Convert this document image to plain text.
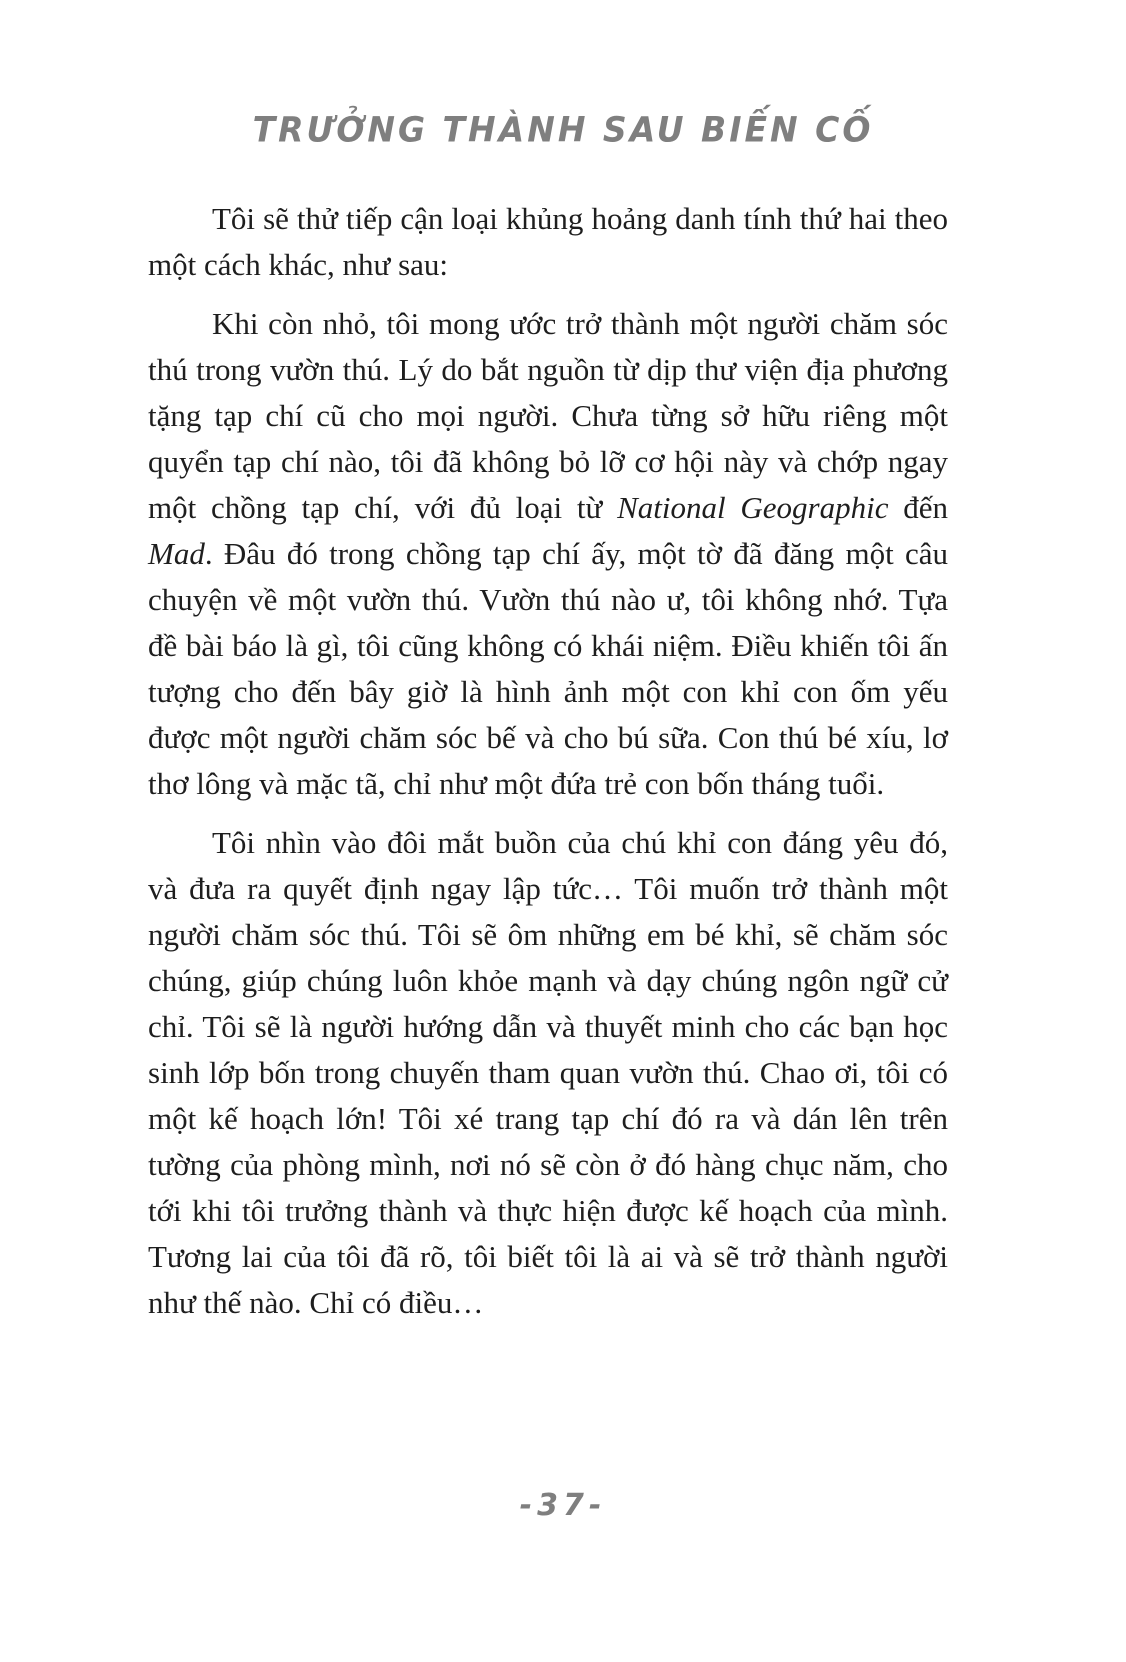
TRƯỞNG THÀNH SAU BIẾN CỐ

Tôi sẽ thử tiếp cận loại khủng hoảng danh tính thứ hai theo một cách khác, như sau:

Khi còn nhỏ, tôi mong ước trở thành một người chăm sóc thú trong vườn thú. Lý do bắt nguồn từ dịp thư viện địa phương tặng tạp chí cũ cho mọi người. Chưa từng sở hữu riêng một quyển tạp chí nào, tôi đã không bỏ lỡ cơ hội này và chớp ngay một chồng tạp chí, với đủ loại từ National Geographic đến Mad. Đâu đó trong chồng tạp chí ấy, một tờ đã đăng một câu chuyện về một vườn thú. Vườn thú nào ư, tôi không nhớ. Tựa đề bài báo là gì, tôi cũng không có khái niệm. Điều khiến tôi ấn tượng cho đến bây giờ là hình ảnh một con khỉ con ốm yếu được một người chăm sóc bế và cho bú sữa. Con thú bé xíu, lơ thơ lông và mặc tã, chỉ như một đứa trẻ con bốn tháng tuổi.

Tôi nhìn vào đôi mắt buồn của chú khỉ con đáng yêu đó, và đưa ra quyết định ngay lập tức… Tôi muốn trở thành một người chăm sóc thú. Tôi sẽ ôm những em bé khỉ, sẽ chăm sóc chúng, giúp chúng luôn khỏe mạnh và dạy chúng ngôn ngữ cử chỉ. Tôi sẽ là người hướng dẫn và thuyết minh cho các bạn học sinh lớp bốn trong chuyến tham quan vườn thú. Chao ơi, tôi có một kế hoạch lớn! Tôi xé trang tạp chí đó ra và dán lên trên tường của phòng mình, nơi nó sẽ còn ở đó hàng chục năm, cho tới khi tôi trưởng thành và thực hiện được kế hoạch của mình. Tương lai của tôi đã rõ, tôi biết tôi là ai và sẽ trở thành người như thế nào. Chỉ có điều…

-37-
